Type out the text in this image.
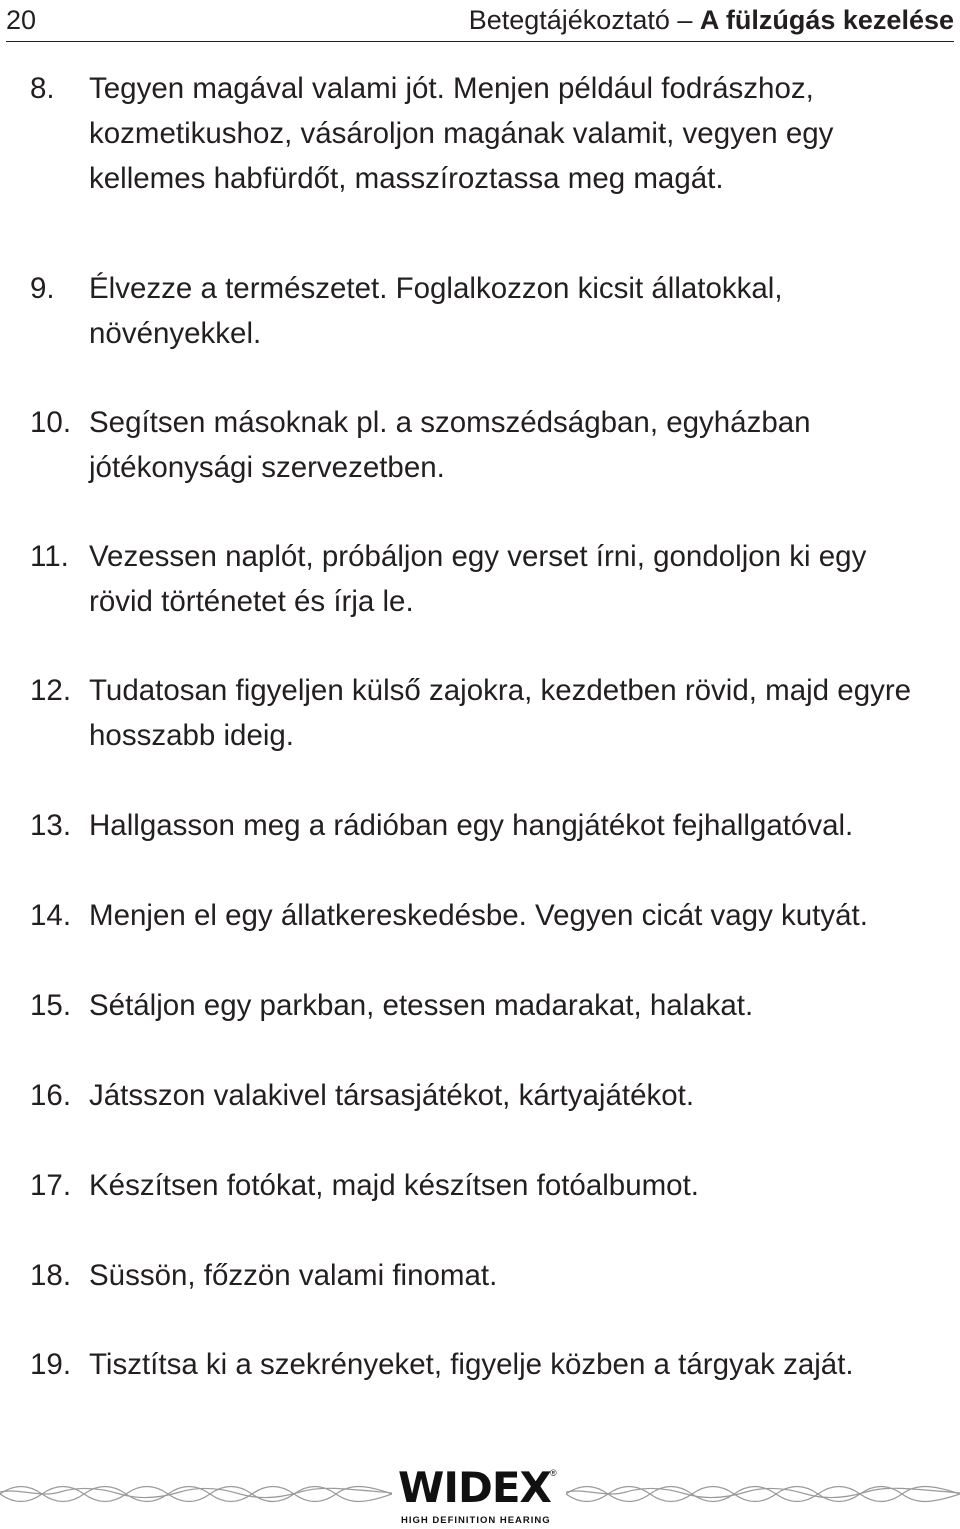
20	Betegtájékoztató – A fülzúgás kezelése
8. Tegyen magával valami jót. Menjen például fodrászhoz,
kozmetikushoz, vásároljon magának valamit, vegyen egy
kellemes habfürdőt, masszíroztassa meg magát.
9. Élvezze a természetet. Foglalkozzon kicsit állatokkal,
növényekkel.
10. Segítsen másoknak pl. a szomszédságban, egyházban
jótékonysági szervezetben.
11. Vezessen naplót, próbáljon egy verset írni, gondoljon ki egy
rövid történetet és írja le.
12. Tudatosan figyeljen külső zajokra, kezdetben rövid, majd egyre
hosszabb ideig.
13. Hallgasson meg a rádióban egy hangjátékot fejhallgatóval.
14. Menjen el egy állatkereskedésbe. Vegyen cicát vagy kutyát.
15. Sétáljon egy parkban, etessen madarakat, halakat.
16. Játsszon valakivel társasjátékot, kártyajátékot.
17. Készítsen fotókat, majd készítsen fotóalbumot.
18. Süssön, főzzön valami finomat.
19. Tisztítsa ki a szekrényeket, figyelje közben a tárgyak zaját.
WIDEX ®
HIGH DEFINITION HEARING
